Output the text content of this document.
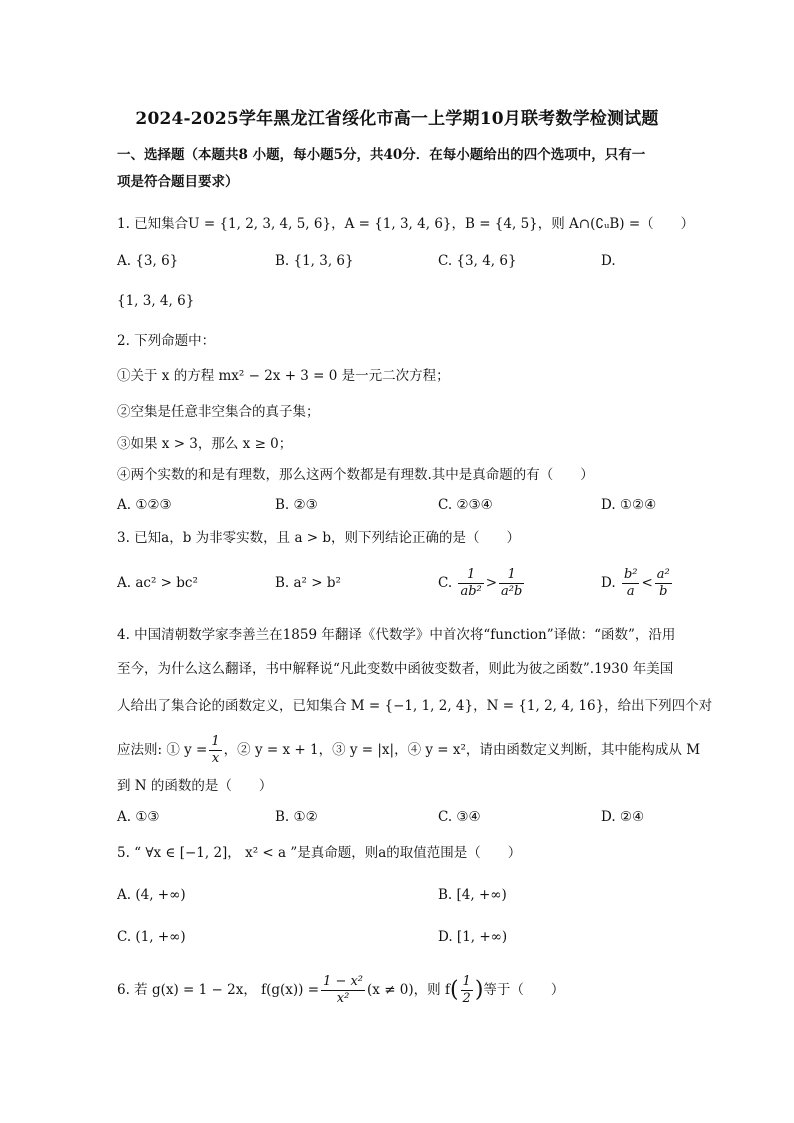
2024-2025学年黑龙江省绥化市高一上学期10月联考数学检测试题
一、选择题（本题共8 小题，每小题5分，共40分．在每小题给出的四个选项中，只有一
项是符合题目要求）
1. 已知集合U = {1, 2, 3, 4, 5, 6}，A = {1, 3, 4, 6}，B = {4, 5}，则 A∩(∁ᵤB) =（　　）
A. {3, 6}	B. {1, 3, 6}	C. {3, 4, 6}	D.
{1, 3, 4, 6}
2. 下列命题中：
①关于 x 的方程 mx² − 2x + 3 = 0 是一元二次方程；
②空集是任意非空集合的真子集；
③如果 x > 3，那么 x ≥ 0；
④两个实数的和是有理数，那么这两个数都是有理数.其中是真命题的有（　　）
A. ①②③	B. ②③	C. ②③④	D. ①②④
3. 已知a，b 为非零实数，且 a > b，则下列结论正确的是（　　）
A. ac² > bc²	B. a² > b²	C. $\frac{1}{\text{ab²}} > \frac{1}{\text{a²b}}$	D. $\frac{\text{b²}}{a} < \frac{\text{a²}}{b}$
4. 中国清朝数学家李善兰在1859 年翻译《代数学》中首次将“function”译做：“函数”，沿用
至今，为什么这么翻译，书中解释说“凡此变数中函彼变数者，则此为彼之函数”.1930 年美国
人给出了集合论的函数定义，已知集合 M = {−1, 1, 2, 4}，N = {1, 2, 4, 16}，给出下列四个对
应法则: ① $y = \frac{1}{x}$ ，② y = x + 1，③ y = |x|，④ y = x²，请由函数定义判断，其中能构成从 M
到 N 的函数的是（　　）
A. ①③	B. ①②	C. ③④	D. ②④
5. “ ∀x ∈ [−1, 2]， x² < a ”是真命题，则a的取值范围是（　　）
A. (4, +∞)	B. [4, +∞)
C. (1, +∞)	D. [1, +∞)
6. 若 g(x) = 1 − 2x， $f(g(x)) = \frac{\text{1 − x²}}{\text{x²}} (x \ne 0)$，则 $f( \frac{1}{2}$ )等于（　　）
